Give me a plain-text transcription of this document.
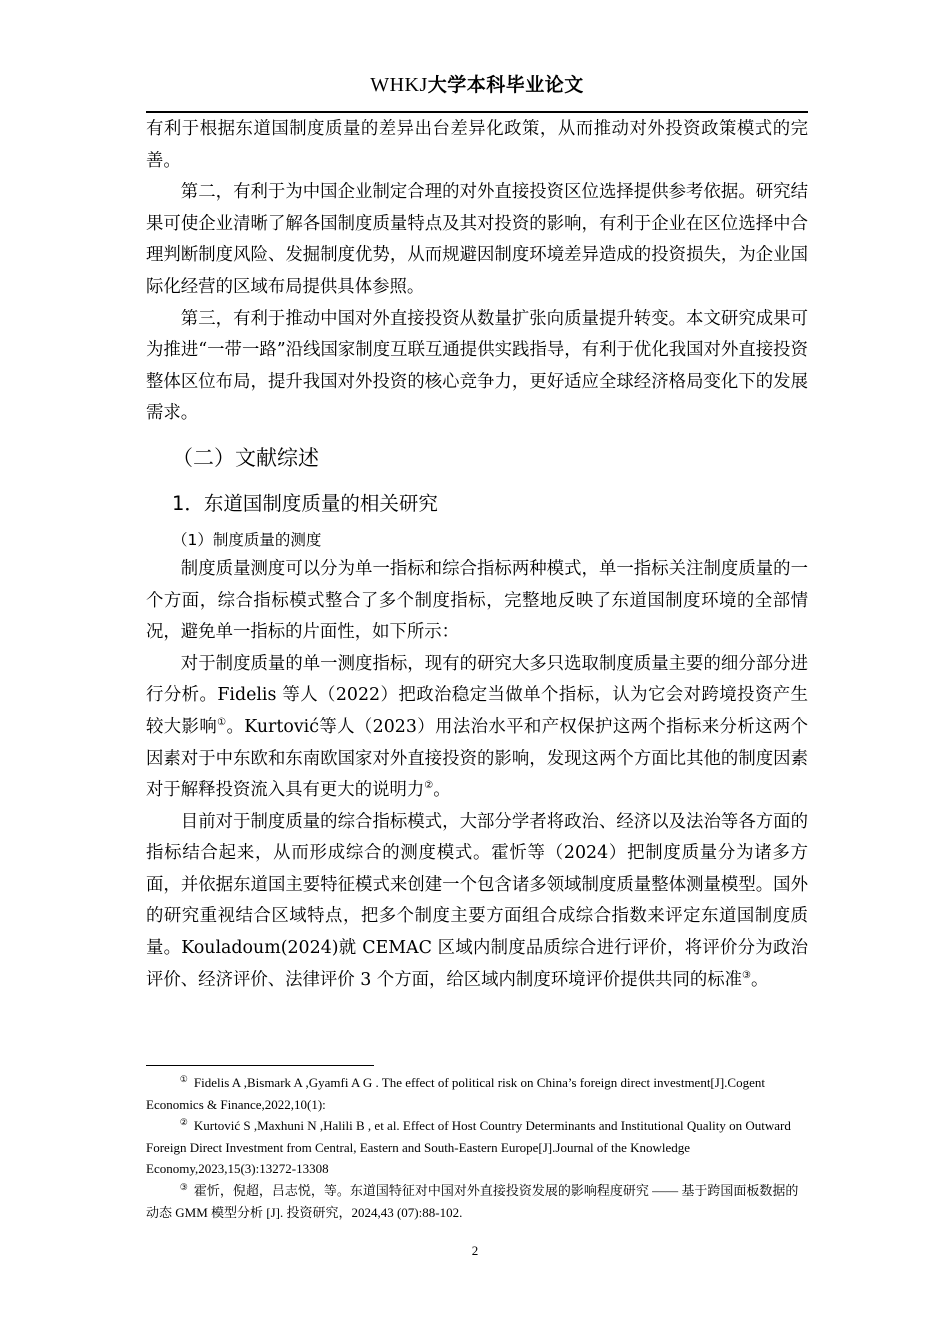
WHKJ大学本科毕业论文

有利于根据东道国制度质量的差异出台差异化政策，从而推动对外投资政策模式的完善。

第二，有利于为中国企业制定合理的对外直接投资区位选择提供参考依据。研究结果可使企业清晰了解各国制度质量特点及其对投资的影响，有利于企业在区位选择中合理判断制度风险、发掘制度优势，从而规避因制度环境差异造成的投资损失，为企业国际化经营的区域布局提供具体参照。

第三，有利于推动中国对外直接投资从数量扩张向质量提升转变。本文研究成果可为推进“一带一路”沿线国家制度互联互通提供实践指导，有利于优化我国对外直接投资整体区位布局，提升我国对外投资的核心竞争力，更好适应全球经济格局变化下的发展需求。

（二）文献综述
1．东道国制度质量的相关研究
（1）制度质量的测度

制度质量测度可以分为单一指标和综合指标两种模式，单一指标关注制度质量的一个方面，综合指标模式整合了多个制度指标，完整地反映了东道国制度环境的全部情况，避免单一指标的片面性，如下所示：

对于制度质量的单一测度指标，现有的研究大多只选取制度质量主要的细分部分进行分析。Fidelis 等人（2022）把政治稳定当做单个指标，认为它会对跨境投资产生较大影响①。Kurtović等人（2023）用法治水平和产权保护这两个指标来分析这两个因素对于中东欧和东南欧国家对外直接投资的影响，发现这两个方面比其他的制度因素对于解释投资流入具有更大的说明力②。

目前对于制度质量的综合指标模式，大部分学者将政治、经济以及法治等各方面的指标结合起来，从而形成综合的测度模式。霍忻等（2024）把制度质量分为诸多方面，并依据东道国主要特征模式来创建一个包含诸多领域制度质量整体测量模型。国外的研究重视结合区域特点，把多个制度主要方面组合成综合指数来评定东道国制度质量。Kouladoum(2024)就 CEMAC 区域内制度品质综合进行评价，将评价分为政治评价、经济评价、法律评价 3 个方面，给区域内制度环境评价提供共同的标准③。

① Fidelis A ,Bismark A ,Gyamfi A G . The effect of political risk on China’s foreign direct investment[J].Cogent Economics & Finance,2022,10(1):

② Kurtović S ,Maxhuni N ,Halili B , et al. Effect of Host Country Determinants and Institutional Quality on Outward Foreign Direct Investment from Central, Eastern and South-Eastern Europe[J].Journal of the Knowledge Economy,2023,15(3):13272-13308

③ 霍忻，倪超，吕志悦，等。东道国特征对中国对外直接投资发展的影响程度研究 —— 基于跨国面板数据的动态 GMM 模型分析 [J]. 投资研究，2024,43 (07):88-102.

2
